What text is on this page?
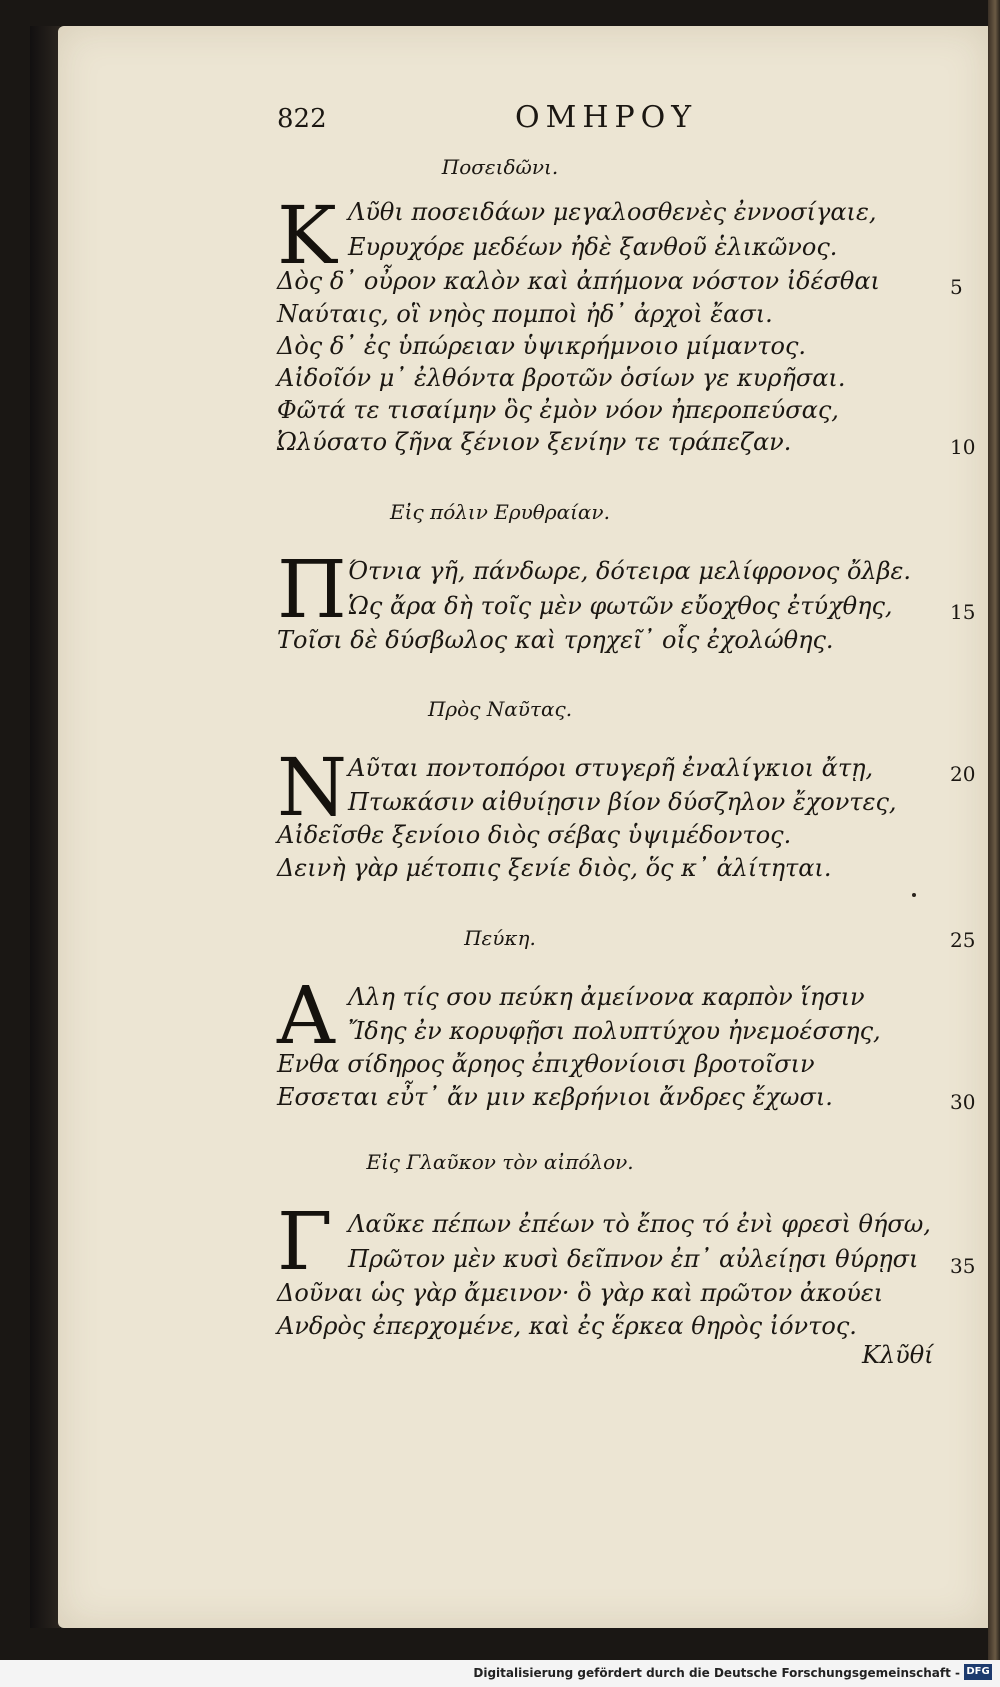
822	ΟΜΗΡΟΥ
Ποσειδῶνι.
K Λῦθι ποσειδάων μεγαλοσθενὲς ἐννοσίγαιε,
Ευρυχόρε μεδέων ἠδὲ ξανθοῦ ἑλικῶνος.
Δὸς δ᾽ οὖρον καλὸν καὶ ἀπήμονα νόστον ἰδέσθαι
Ναύταις, οἳ νηὸς πομποὶ ἠδ᾽ ἀρχοὶ ἔασι.
Δὸς δ᾽ ἐς ὑπώρειαν ὑψικρήμνοιο μίμαντος.
Αἰδοῖόν μ᾽ ἐλθόντα βροτῶν ὁσίων γε κυρῆσαι.
Φῶτά τε τισαίμην ὃς ἐμὸν νόον ἠπεροπεύσας,
Ὠλύσατο ζῆνα ξένιον ξενίην τε τράπεζαν.
5
10
Εἰς πόλιν Ερυθραίαν.
Π Ότνια γῆ, πάνδωρε, δότειρα μελίφρονος ὄλβε.
Ὡς ἄρα δὴ τοῖς μὲν φωτῶν εὔοχθος ἐτύχθης,
Τοῖσι δὲ δύσβωλος καὶ τρηχεῖ᾽ οἷς ἐχολώθης.
15
Πρὸς Ναῦτας.
N Αῦται ποντοπόροι στυγερῆ ἐναλίγκιοι ἄτῃ,
Πτωκάσιν αἰθυίῃσιν βίον δύσζηλον ἔχοντες,
Αἰδεῖσθε ξενίοιο διὸς σέβας ὑψιμέδοντος.
Δεινὴ γὰρ μέτοπις ξενίε διὸς, ὅς κ᾽ ἀλίτηται.
20
Πεύκη.
A Λλη τίς σου πεύκη ἀμείνονα καρπὸν ἵησιν
Ἴδης ἐν κορυφῇσι πολυπτύχου ἠνεμοέσσης,
Ενθα σίδηρος ἄρηος ἐπιχθονίοισι βροτοῖσιν
Εσσεται εὖτ᾽ ἄν μιν κεβρήνιοι ἄνδρες ἔχωσι.
25
30
Εἰς Γλαῦκον τὸν αἰπόλον.
Γ Λαῦκε πέπων ἐπέων τὸ ἔπος τό ἐνὶ φρεσὶ θήσω,
Πρῶτον μὲν κυσὶ δεῖπνον ἐπ᾽ αὐλείῃσι θύρῃσι
Δοῦναι ὡς γὰρ ἄμεινον· ὃ γὰρ καὶ πρῶτον ἀκούει
Ανδρὸς ἐπερχομένε, καὶ ἐς ἕρκεα θηρὸς ἰόντος.
35
Κλῦθί
Digitalisierung gefördert durch die Deutsche Forschungsgemeinschaft - DFG
